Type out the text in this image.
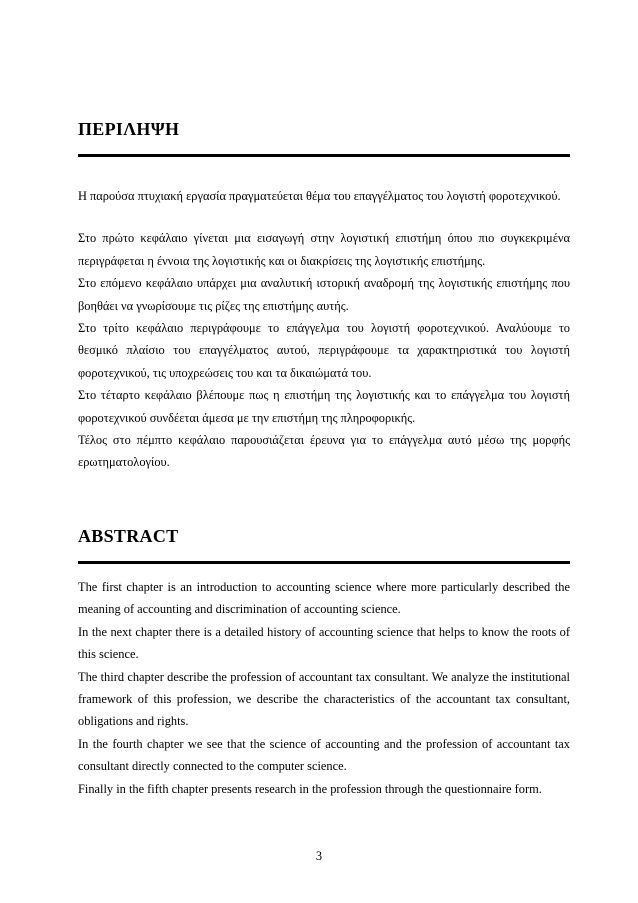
ΠΕΡΙΛΗΨΗ

Η παρούσα πτυχιακή εργασία πραγματεύεται θέμα του επαγγέλματος του λογιστή φοροτεχνικού.

Στο πρώτο κεφάλαιο γίνεται μια εισαγωγή στην λογιστική επιστήμη όπου πιο συγκεκριμένα περιγράφεται η έννοια της λογιστικής και οι διακρίσεις της λογιστικής επιστήμης.

Στο επόμενο κεφάλαιο υπάρχει μια αναλυτική ιστορική αναδρομή της λογιστικής επιστήμης που βοηθάει να γνωρίσουμε τις ρίζες της επιστήμης αυτής.

Στο τρίτο κεφάλαιο περιγράφουμε το επάγγελμα του λογιστή φοροτεχνικού. Αναλύουμε το θεσμικό πλαίσιο του επαγγέλματος αυτού, περιγράφουμε τα χαρακτηριστικά του λογιστή φοροτεχνικού, τις υποχρεώσεις του και τα δικαιώματά του.

Στο τέταρτο κεφάλαιο βλέπουμε πως η επιστήμη της λογιστικής και το επάγγελμα του λογιστή φοροτεχνικού συνδέεται άμεσα με την επιστήμη της πληροφορικής.

Τέλος στο πέμπτο κεφάλαιο παρουσιάζεται έρευνα για το επάγγελμα αυτό μέσω της μορφής ερωτηματολογίου.

ABSTRACT

The first chapter is an introduction to accounting science where more particularly described the meaning of accounting and discrimination of accounting science.

In the next chapter there is a detailed history of accounting science that helps to know the roots of this science.

The third chapter describe the profession of accountant tax consultant. We analyze the institutional framework of this profession, we describe the characteristics of the accountant tax consultant, obligations and rights.

In the fourth chapter we see that the science of accounting and the profession of accountant tax consultant directly connected to the computer science.

Finally in the fifth chapter presents research in the profession through the questionnaire form.

3
